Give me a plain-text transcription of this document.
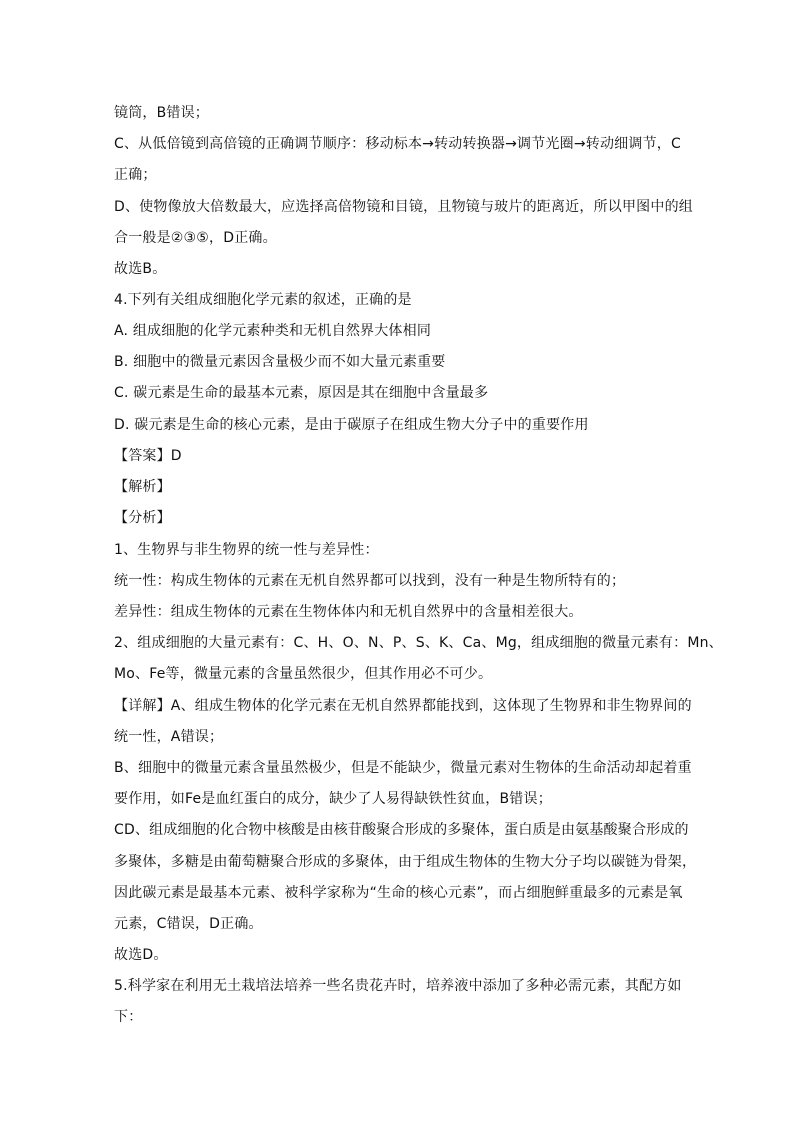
镜筒，B错误；
C、从低倍镜到高倍镜的正确调节顺序：移动标本→转动转换器→调节光圈→转动细调节，C
正确；
D、使物像放大倍数最大，应选择高倍物镜和目镜，且物镜与玻片的距离近，所以甲图中的组
合一般是②③⑤，D正确。
故选B。
4.下列有关组成细胞化学元素的叙述，正确的是
A. 组成细胞的化学元素种类和无机自然界大体相同
B. 细胞中的微量元素因含量极少而不如大量元素重要
C. 碳元素是生命的最基本元素，原因是其在细胞中含量最多
D. 碳元素是生命的核心元素，是由于碳原子在组成生物大分子中的重要作用
【答案】D
【解析】
【分析】
1、生物界与非生物界的统一性与差异性：
统一性：构成生物体的元素在无机自然界都可以找到，没有一种是生物所特有的；
差异性：组成生物体的元素在生物体体内和无机自然界中的含量相差很大。
2、组成细胞的大量元素有：C、H、O、N、P、S、K、Ca、Mg，组成细胞的微量元素有：Mn、
Mo、Fe等，微量元素的含量虽然很少，但其作用必不可少。
【详解】A、组成生物体的化学元素在无机自然界都能找到，这体现了生物界和非生物界间的
统一性，A错误；
B、细胞中的微量元素含量虽然极少，但是不能缺少，微量元素对生物体的生命活动却起着重
要作用，如Fe是血红蛋白的成分，缺少了人易得缺铁性贫血，B错误；
CD、组成细胞的化合物中核酸是由核苷酸聚合形成的多聚体，蛋白质是由氨基酸聚合形成的
多聚体，多糖是由葡萄糖聚合形成的多聚体，由于组成生物体的生物大分子均以碳链为骨架，
因此碳元素是最基本元素、被科学家称为“生命的核心元素”，而占细胞鲜重最多的元素是氧
元素，C错误，D正确。
故选D。
5.科学家在利用无土栽培法培养一些名贵花卉时，培养液中添加了多种必需元素，其配方如
下：
